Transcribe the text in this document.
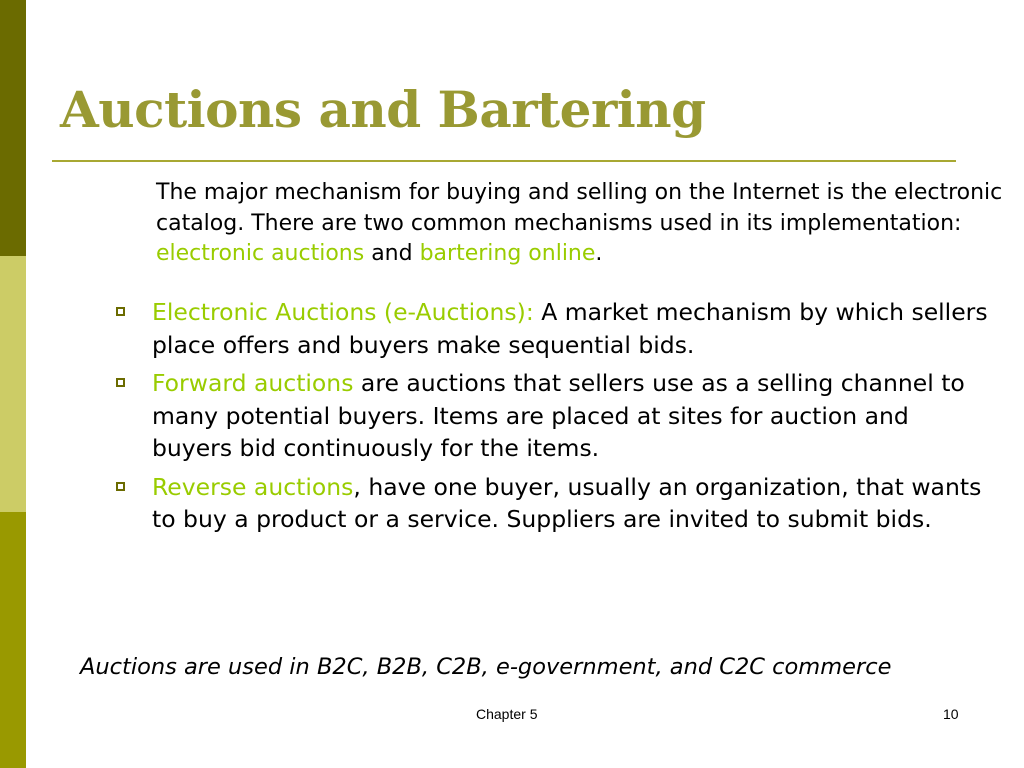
Auctions and Bartering

The major mechanism for buying and selling on the Internet is the electronic catalog. There are two common mechanisms used in its implementation: electronic auctions and bartering online.

Electronic Auctions (e-Auctions): A market mechanism by which sellers place offers and buyers make sequential bids.
Forward auctions are auctions that sellers use as a selling channel to many potential buyers. Items are placed at sites for auction and buyers bid continuously for the items.
Reverse auctions, have one buyer, usually an organization, that wants to buy a product or a service. Suppliers are invited to submit bids.

Auctions are used in B2C, B2B, C2B, e-government, and C2C commerce

Chapter 5	10
